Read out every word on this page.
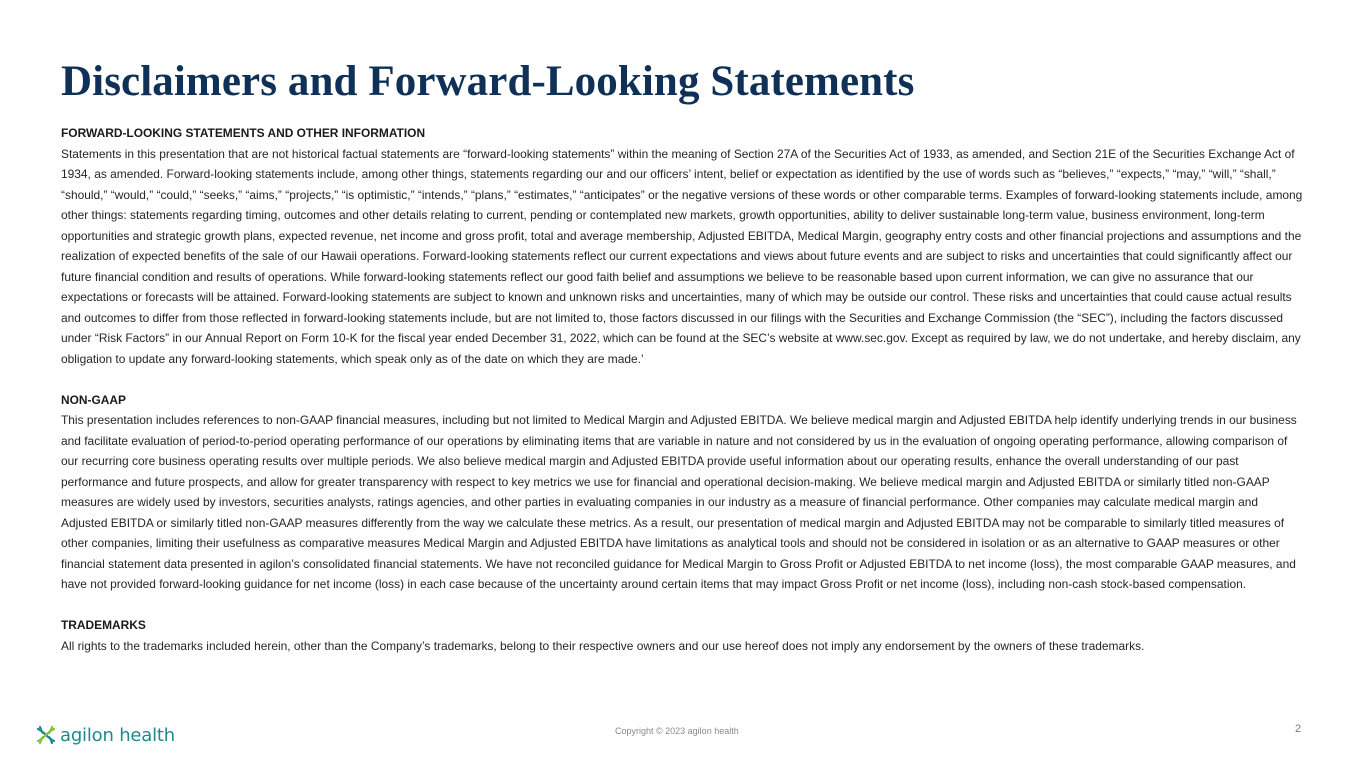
Disclaimers and Forward-Looking Statements
FORWARD-LOOKING STATEMENTS AND OTHER INFORMATION

Statements in this presentation that are not historical factual statements are “forward-looking statements” within the meaning of Section 27A of the Securities Act of 1933, as amended, and Section 21E of the Securities Exchange Act of 1934, as amended. Forward-looking statements include, among other things, statements regarding our and our officers’ intent, belief or expectation as identified by the use of words such as “believes,” “expects,” “may,” “will,” “shall,” “should,” “would,” “could,” “seeks,” “aims,” “projects,” “is optimistic,” “intends,” “plans,” “estimates,” “anticipates” or the negative versions of these words or other comparable terms. Examples of forward-looking statements include, among other things: statements regarding timing, outcomes and other details relating to current, pending or contemplated new markets, growth opportunities, ability to deliver sustainable long-term value, business environment, long-term opportunities and strategic growth plans, expected revenue, net income and gross profit, total and average membership, Adjusted EBITDA, Medical Margin, geography entry costs and other financial projections and assumptions and the realization of expected benefits of the sale of our Hawaii operations. Forward-looking statements reflect our current expectations and views about future events and are subject to risks and uncertainties that could significantly affect our future financial condition and results of operations. While forward-looking statements reflect our good faith belief and assumptions we believe to be reasonable based upon current information, we can give no assurance that our expectations or forecasts will be attained. Forward-looking statements are subject to known and unknown risks and uncertainties, many of which may be outside our control. These risks and uncertainties that could cause actual results and outcomes to differ from those reflected in forward-looking statements include, but are not limited to, those factors discussed in our filings with the Securities and Exchange Commission (the “SEC”), including the factors discussed under “Risk Factors” in our Annual Report on Form 10-K for the fiscal year ended December 31, 2022, which can be found at the SEC’s website at www.sec.gov. Except as required by law, we do not undertake, and hereby disclaim, any obligation to update any forward-looking statements, which speak only as of the date on which they are made.’

NON-GAAP

This presentation includes references to non-GAAP financial measures, including but not limited to Medical Margin and Adjusted EBITDA. We believe medical margin and Adjusted EBITDA help identify underlying trends in our business and facilitate evaluation of period-to-period operating performance of our operations by eliminating items that are variable in nature and not considered by us in the evaluation of ongoing operating performance, allowing comparison of our recurring core business operating results over multiple periods. We also believe medical margin and Adjusted EBITDA provide useful information about our operating results, enhance the overall understanding of our past performance and future prospects, and allow for greater transparency with respect to key metrics we use for financial and operational decision-making. We believe medical margin and Adjusted EBITDA or similarly titled non-GAAP measures are widely used by investors, securities analysts, ratings agencies, and other parties in evaluating companies in our industry as a measure of financial performance. Other companies may calculate medical margin and Adjusted EBITDA or similarly titled non-GAAP measures differently from the way we calculate these metrics. As a result, our presentation of medical margin and Adjusted EBITDA may not be comparable to similarly titled measures of other companies, limiting their usefulness as comparative measures Medical Margin and Adjusted EBITDA have limitations as analytical tools and should not be considered in isolation or as an alternative to GAAP measures or other financial statement data presented in agilon’s consolidated financial statements. We have not reconciled guidance for Medical Margin to Gross Profit or Adjusted EBITDA to net income (loss), the most comparable GAAP measures, and have not provided forward-looking guidance for net income (loss) in each case because of the uncertainty around certain items that may impact Gross Profit or net income (loss), including non-cash stock-based compensation.

TRADEMARKS

All rights to the trademarks included herein, other than the Company’s trademarks, belong to their respective owners and our use hereof does not imply any endorsement by the owners of these trademarks.

agilon health	Copyright © 2023 agilon health	2
